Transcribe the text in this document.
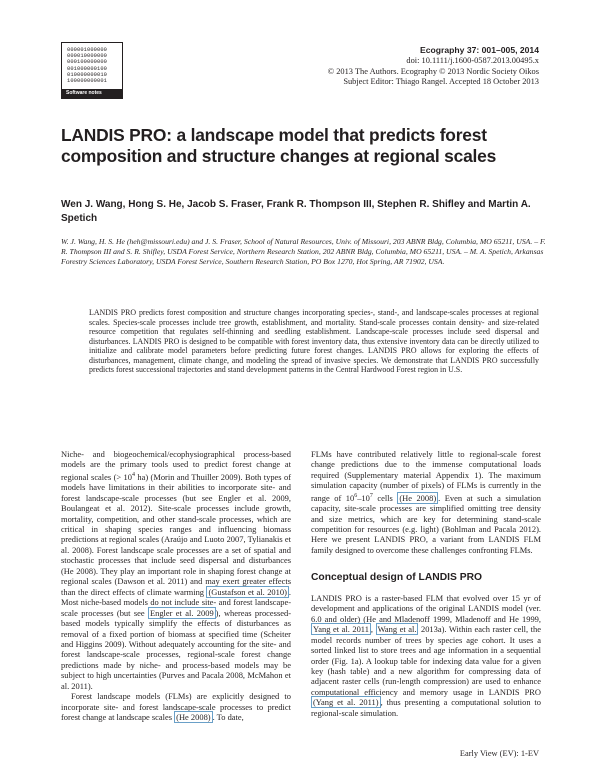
000001000000
000010000000
000100000000
001000000100
010000000010
100000000001
Software notes
Ecography 37: 001–005, 2014
doi: 10.1111/j.1600-0587.2013.00495.x
© 2013 The Authors. Ecography © 2013 Nordic Society Oikos
Subject Editor: Thiago Rangel. Accepted 18 October 2013
LANDIS PRO: a landscape model that predicts forest composition and structure changes at regional scales
Wen J. Wang, Hong S. He, Jacob S. Fraser, Frank R. Thompson III, Stephen R. Shifley and Martin A. Spetich
W. J. Wang, H. S. He (heh@missouri.edu) and J. S. Fraser, School of Natural Resources, Univ. of Missouri, 203 ABNR Bldg, Columbia, MO 65211, USA. – F. R. Thompson III and S. R. Shifley, USDA Forest Service, Northern Research Station, 202 ABNR Bldg, Columbia, MO 65211, USA. – M. A. Spetich, Arkansas Forestry Sciences Laboratory, USDA Forest Service, Southern Research Station, PO Box 1270, Hot Spring, AR 71902, USA.
LANDIS PRO predicts forest composition and structure changes incorporating species-, stand-, and landscape-scales processes at regional scales. Species-scale processes include tree growth, establishment, and mortality. Stand-scale processes contain density- and size-related resource competition that regulates self-thinning and seedling establishment. Landscape-scale processes include seed dispersal and disturbances. LANDIS PRO is designed to be compatible with forest inventory data, thus extensive inventory data can be directly utilized to initialize and calibrate model parameters before predicting future forest changes. LANDIS PRO allows for exploring the effects of disturbances, management, climate change, and modeling the spread of invasive species. We demonstrate that LANDIS PRO successfully predicts forest successional trajectories and stand development patterns in the Central Hardwood Forest region in U.S.

Niche- and biogeochemical/ecophysiographical process-based models are the primary tools used to predict forest change at regional scales (> $10^4$ ha) (Morin and Thuiller 2009). Both types of models have limitations in their abilities to incorporate site- and forest landscape-scale processes (but see Engler et al. 2009, Boulangeat et al. 2012). Site-scale processes include growth, mortality, competition, and other stand-scale processes, which are critical in shaping species ranges and influencing biomass predictions at regional scales (Araújo and Luoto 2007, Tylianakis et al. 2008). Forest landscape scale processes are a set of spatial and stochastic processes that include seed dispersal and disturbances (He 2008). They play an important role in shaping forest change at regional scales (Dawson et al. 2011) and may exert greater effects than the direct effects of climate warming (Gustafson et al. 2010) . Most niche-based models do not include site- and forest landscape-scale processes (but see Engler et al. 2009 ), whereas processed-based models typically simplify the effects of disturbances as removal of a fixed portion of biomass at specified time (Scheiter and Higgins 2009). Without adequately accounting for the site- and forest landscape-scale processes, regional-scale forest change predictions made by niche- and process-based models may be subject to high uncertainties (Purves and Pacala 2008, McMahon et al. 2011).

Forest landscape models (FLMs) are explicitly designed to incorporate site- and forest landscape-scale processes to predict forest change at landscape scales (He 2008) . To date,

FLMs have contributed relatively little to regional-scale forest change predictions due to the immense computational loads required (Supplementary material Appendix 1). The maximum simulation capacity (number of pixels) of FLMs is currently in the range of $10^6-10^7$ cells (He 2008) . Even at such a simulation capacity, site-scale processes are simplified omitting tree density and size metrics, which are key for determining stand-scale competition for resources (e.g. light) (Bohlman and Pacala 2012). Here we present LANDIS PRO, a variant from LANDIS FLM family designed to overcome these challenges confronting FLMs.

Conceptual design of LANDIS PRO

LANDIS PRO is a raster-based FLM that evolved over 15 yr of development and applications of the original LANDIS model (ver. 6.0 and older) (He and Mladenoff 1999, Mladenoff and He 1999, Yang et al. 2011 , Wang et al. 2013a). Within each raster cell, the model records number of trees by species age cohort. It uses a sorted linked list to store trees and age information in a sequential order (Fig. 1a). A lookup table for indexing data value for a given key (hash table) and a new algorithm for compressing data of adjacent raster cells (run-length compression) are used to enhance computational efficiency and memory usage in LANDIS PRO (Yang et al. 2011) , thus presenting a computational solution to regional-scale simulation.

Early View (EV): 1-EV
